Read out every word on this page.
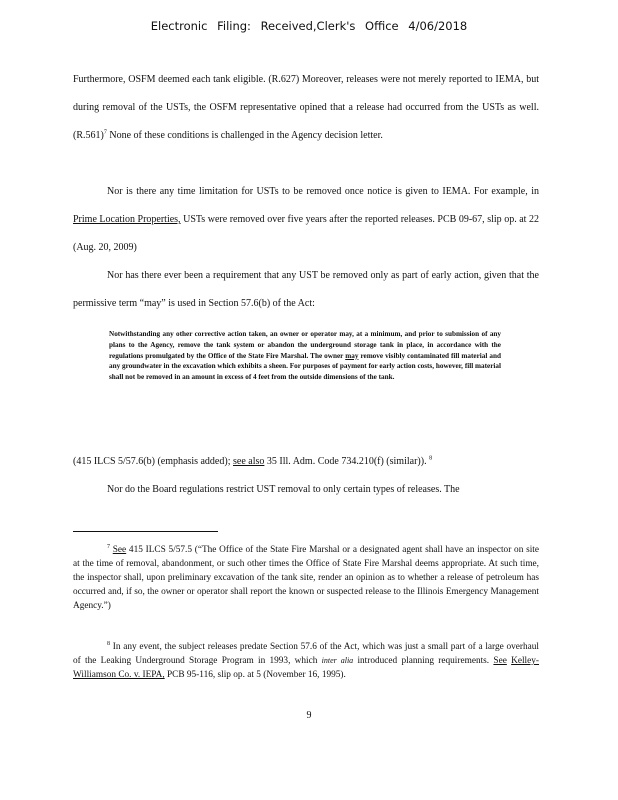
Electronic Filing: Received,Clerk's Office 4/06/2018

Furthermore, OSFM deemed each tank eligible. (R.627) Moreover, releases were not merely reported to IEMA, but during removal of the USTs, the OSFM representative opined that a release had occurred from the USTs as well. $(R.561)^7$ None of these conditions is challenged in the Agency decision letter.

Nor is there any time limitation for USTs to be removed once notice is given to IEMA. For example, in Prime Location Properties, USTs were removed over five years after the reported releases. PCB 09-67, slip op. at 22 (Aug. 20, 2009)

Nor has there ever been a requirement that any UST be removed only as part of early action, given that the permissive term “may” is used in Section 57.6(b) of the Act:

Notwithstanding any other corrective action taken, an owner or operator may, at a minimum, and prior to submission of any plans to the Agency, remove the tank system or abandon the underground storage tank in place, in accordance with the regulations promulgated by the Office of the State Fire Marshal. The owner may remove visibly contaminated fill material and any groundwater in the excavation which exhibits a sheen. For purposes of payment for early action costs, however, fill material shall not be removed in an amount in excess of 4 feet from the outside dimensions of the tank.
(415 ILCS 5/57.6(b) (emphasis added); see also 35 Ill. Adm. Code 734.210(f) (similar)). $^8$
Nor do the Board regulations restrict UST removal to only certain types of releases. The
$^7$ See 415 ILCS 5/57.5 (“The Office of the State Fire Marshal or a designated agent shall have an inspector on site at the time of removal, abandonment, or such other times the Office of State Fire Marshal deems appropriate. At such time, the inspector shall, upon preliminary excavation of the tank site, render an opinion as to whether a release of petroleum has occurred and, if so, the owner or operator shall report the known or suspected release to the Illinois Emergency Management Agency.”)
$^8$ In any event, the subject releases predate Section 57.6 of the Act, which was just a small part of a large overhaul of the Leaking Underground Storage Program in 1993, which inter alia introduced planning requirements. See Kelley-Williamson Co. v. IEPA, PCB 95-116, slip op. at 5 (November 16, 1995).
9
